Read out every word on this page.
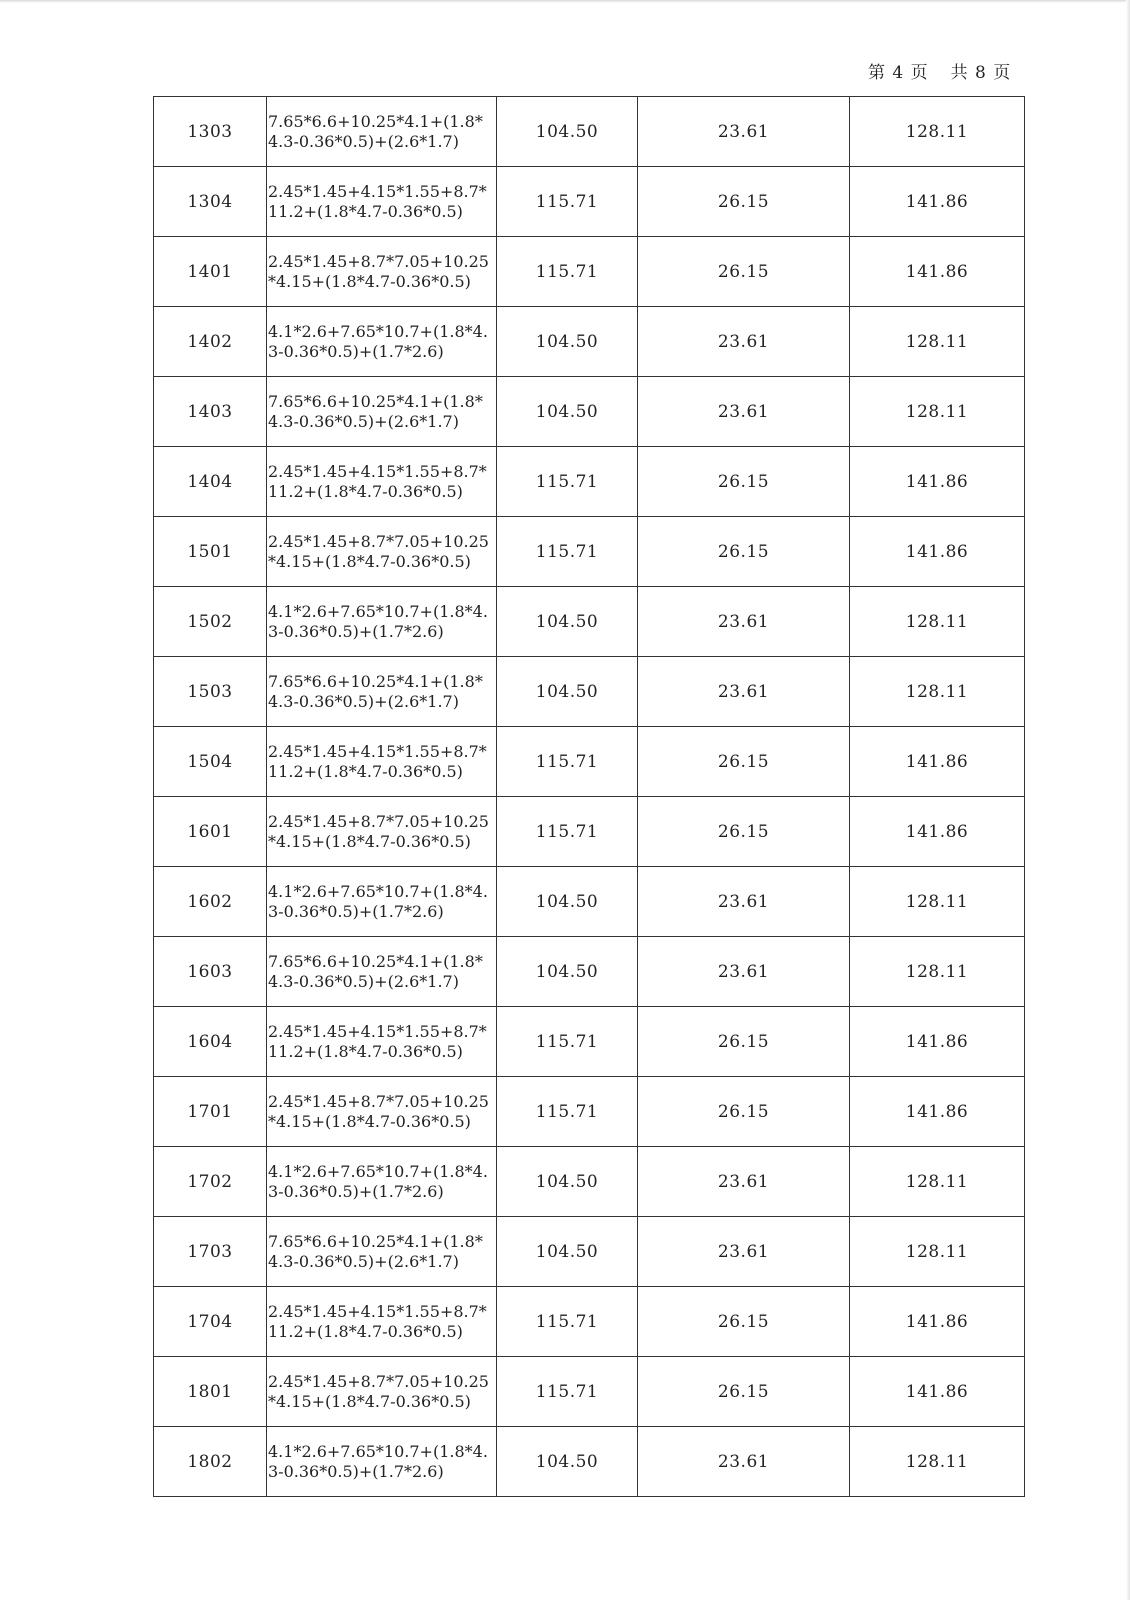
第 4 页 共 8 页
1303	7.65*6.6+10.25*4.1+(1.8*4.3-0.36*0.5)+(2.6*1.7)	104.50	23.61	128.11
1304	2.45*1.45+4.15*1.55+8.7*11.2+(1.8*4.7-0.36*0.5)	115.71	26.15	141.86
1401	2.45*1.45+8.7*7.05+10.25*4.15+(1.8*4.7-0.36*0.5)	115.71	26.15	141.86
1402	4.1*2.6+7.65*10.7+(1.8*4.3-0.36*0.5)+(1.7*2.6)	104.50	23.61	128.11
1403	7.65*6.6+10.25*4.1+(1.8*4.3-0.36*0.5)+(2.6*1.7)	104.50	23.61	128.11
1404	2.45*1.45+4.15*1.55+8.7*11.2+(1.8*4.7-0.36*0.5)	115.71	26.15	141.86
1501	2.45*1.45+8.7*7.05+10.25*4.15+(1.8*4.7-0.36*0.5)	115.71	26.15	141.86
1502	4.1*2.6+7.65*10.7+(1.8*4.3-0.36*0.5)+(1.7*2.6)	104.50	23.61	128.11
1503	7.65*6.6+10.25*4.1+(1.8*4.3-0.36*0.5)+(2.6*1.7)	104.50	23.61	128.11
1504	2.45*1.45+4.15*1.55+8.7*11.2+(1.8*4.7-0.36*0.5)	115.71	26.15	141.86
1601	2.45*1.45+8.7*7.05+10.25*4.15+(1.8*4.7-0.36*0.5)	115.71	26.15	141.86
1602	4.1*2.6+7.65*10.7+(1.8*4.3-0.36*0.5)+(1.7*2.6)	104.50	23.61	128.11
1603	7.65*6.6+10.25*4.1+(1.8*4.3-0.36*0.5)+(2.6*1.7)	104.50	23.61	128.11
1604	2.45*1.45+4.15*1.55+8.7*11.2+(1.8*4.7-0.36*0.5)	115.71	26.15	141.86
1701	2.45*1.45+8.7*7.05+10.25*4.15+(1.8*4.7-0.36*0.5)	115.71	26.15	141.86
1702	4.1*2.6+7.65*10.7+(1.8*4.3-0.36*0.5)+(1.7*2.6)	104.50	23.61	128.11
1703	7.65*6.6+10.25*4.1+(1.8*4.3-0.36*0.5)+(2.6*1.7)	104.50	23.61	128.11
1704	2.45*1.45+4.15*1.55+8.7*11.2+(1.8*4.7-0.36*0.5)	115.71	26.15	141.86
1801	2.45*1.45+8.7*7.05+10.25*4.15+(1.8*4.7-0.36*0.5)	115.71	26.15	141.86
1802	4.1*2.6+7.65*10.7+(1.8*4.3-0.36*0.5)+(1.7*2.6)	104.50	23.61	128.11
